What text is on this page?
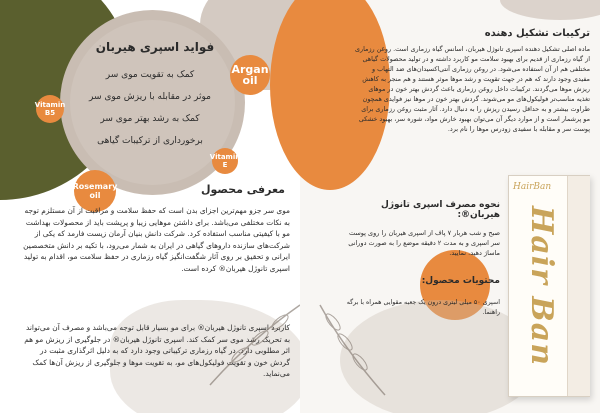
فواید اسپری هیربان
کمک به تقویت موی سر
موثر در مقابله با ریزش موی سر
کمک به رشد بهتر موی سر
برخورداری از ترکیبات گیاهی
Argan oil
Vitamin B5
Vitamin E
Rosemary oil	معرفی محصول
موی سر جزو مهم‌ترین اجزای بدن است که حفظ سلامت و مراقبت از آن مستلزم توجه به نکات مختلفی می‌باشد. برای داشتن موهایی زیبا و پرپشت باید از محصولات بهداشت مو با کیفیتی مناسب استفاده کرد. شرکت دانش بنیان آرمان زیست فارمد که یکی از شرکت‌های سازنده داروهای گیاهی در ایران به شمار می‌رود، با تکیه بر دانش متخصصین ایرانی و تحقیق بر روی آثار شگفت‌انگیز گیاه رزماری در حفظ سلامت مو، اقدام به تولید اسپری تانوژل هیربان® کرده است.
کاربرد اسپری تانوژل هیربان® برای مو بسیار قابل توجه می‌باشد و مصرف آن می‌تواند به تحریک رشد موی سر کمک کند. اسپری تانوژل هیربان® در جلوگیری از ریزش مو هم اثر مطلوبی دارد. در گیاه رزماری ترکیباتی وجود دارد که به دلیل اثرگذاری مثبت در گردش خون و تقویت فولیکول‌های مو، به تقویت موها و جلوگیری از ریزش آن‌ها کمک می‌نماید.
ترکیبات تشکیل دهنده
ماده اصلی تشکیل دهنده اسپری تانوژل هیربان، اسانس گیاه رزماری است. روغن رزماری از گیاه رزماری از قدیم برای بهبود سلامت مو کاربرد داشته و در تولید محصولات گیاهی مختلفی هم از آن استفاده می‌شود. در روغن رزماری آنتی‌اکسیدان‌های ضد التهاب و مفیدی وجود دارند که هم در جهت تقویت و رشد موها موثر هستند و هم منجر به کاهش ریزش موها می‌گردند. ترکیبات داخل روغن رزماری باعث گردش بهتر خون در موهای تغذیه مناسب‌تر فولیکول‌های مو می‌شوند. گردش بهتر خون در موها نیز فوایدی همچون طراوت بیشتر و به حداقل رسیدن ریزش را به دنبال دارد. آثار مثبت روغن رزماری برای مو پرشمار است و از موارد دیگر آن می‌توان بهبود خارش مواد، شوره سر، بهبود خشکی پوست سر و مقابله با سفیدی زودرس موها را نام برد.
نحوه مصرف اسپری تانوژل هیربان®:
صبح و شب هربار ۷ پاف از اسپری هیربان را روی پوست سر اسپری و به مدت ۲ دقیقه موضع را به صورت دورانی ماساژ دهید. نمایید.
محتویات محصول:
اسپری ۵۰ میلی لیتری درون یک جعبه مقوایی همراه با برگه راهنما.
HairBan
Hair Ban
